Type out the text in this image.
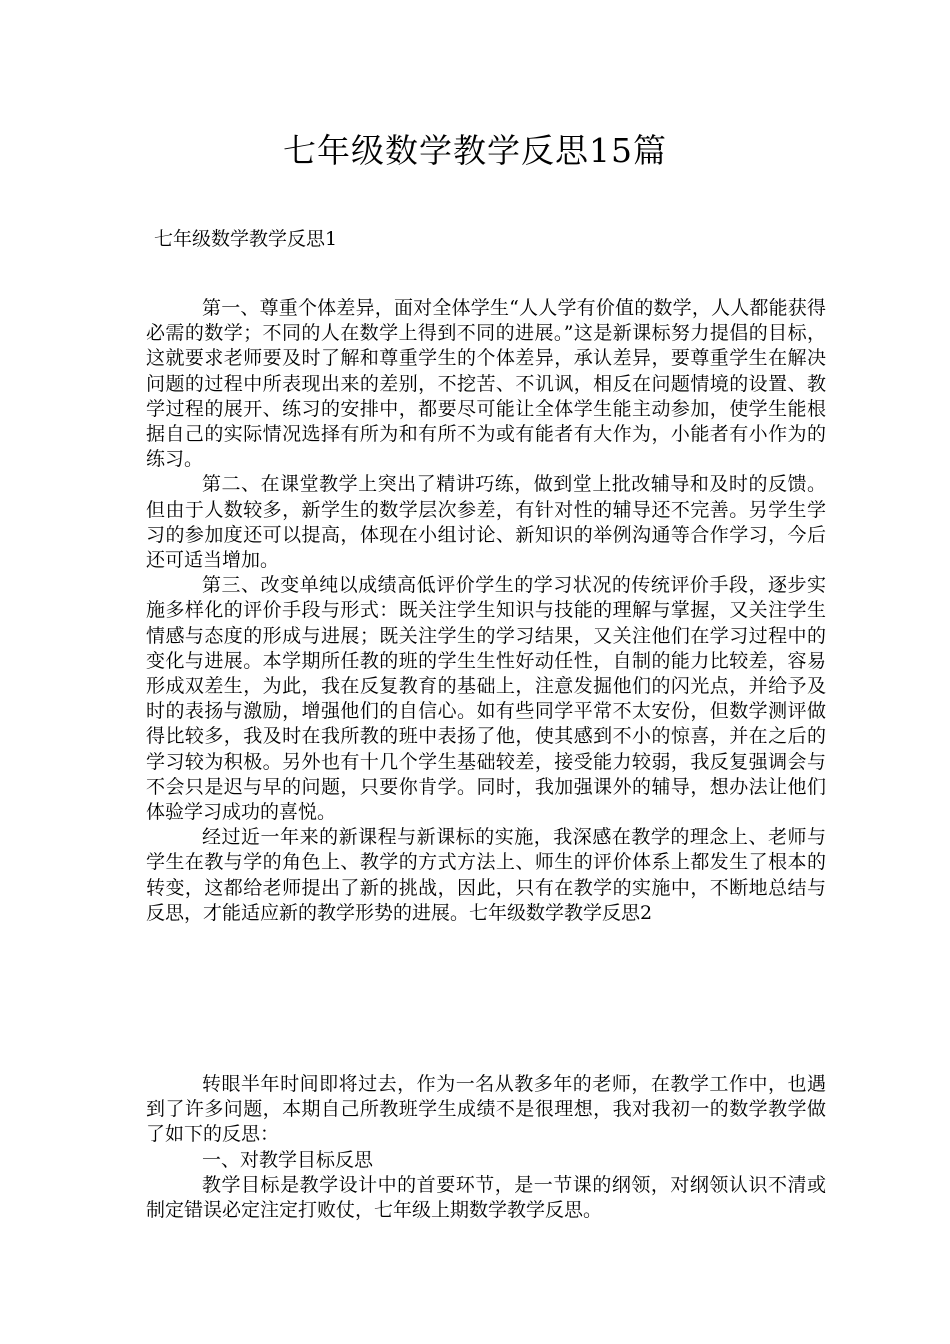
七年级数学教学反思15篇
七年级数学教学反思1

第一、尊重个体差异，面对全体学生“人人学有价值的数学，人人都能获得必需的数学；不同的人在数学上得到不同的进展。”这是新课标努力提倡的目标，这就要求老师要及时了解和尊重学生的个体差异，承认差异，要尊重学生在解决问题的过程中所表现出来的差别，不挖苦、不讥讽，相反在问题情境的设置、教学过程的展开、练习的安排中，都要尽可能让全体学生能主动参加，使学生能根据自己的实际情况选择有所为和有所不为或有能者有大作为，小能者有小作为的练习。

第二、在课堂教学上突出了精讲巧练，做到堂上批改辅导和及时的反馈。但由于人数较多，新学生的数学层次参差，有针对性的辅导还不完善。另学生学习的参加度还可以提高，体现在小组讨论、新知识的举例沟通等合作学习，今后还可适当增加。

第三、改变单纯以成绩高低评价学生的学习状况的传统评价手段，逐步实施多样化的评价手段与形式：既关注学生知识与技能的理解与掌握，又关注学生情感与态度的形成与进展；既关注学生的学习结果，又关注他们在学习过程中的变化与进展。本学期所任教的班的学生生性好动任性，自制的能力比较差，容易形成双差生，为此，我在反复教育的基础上，注意发掘他们的闪光点，并给予及时的表扬与激励，增强他们的自信心。如有些同学平常不太安份，但数学测评做得比较多，我及时在我所教的班中表扬了他，使其感到不小的惊喜，并在之后的学习较为积极。另外也有十几个学生基础较差，接受能力较弱，我反复强调会与不会只是迟与早的问题，只要你肯学。同时，我加强课外的辅导，想办法让他们体验学习成功的喜悦。

经过近一年来的新课程与新课标的实施，我深感在教学的理念上、老师与学生在教与学的角色上、教学的方式方法上、师生的评价体系上都发生了根本的转变，这都给老师提出了新的挑战，因此，只有在教学的实施中，不断地总结与反思，才能适应新的教学形势的进展。七年级数学教学反思2

转眼半年时间即将过去，作为一名从教多年的老师，在教学工作中，也遇到了许多问题，本期自己所教班学生成绩不是很理想，我对我初一的数学教学做了如下的反思：

一、对教学目标反思

教学目标是教学设计中的首要环节，是一节课的纲领，对纲领认识不清或制定错误必定注定打败仗，七年级上期数学教学反思。
